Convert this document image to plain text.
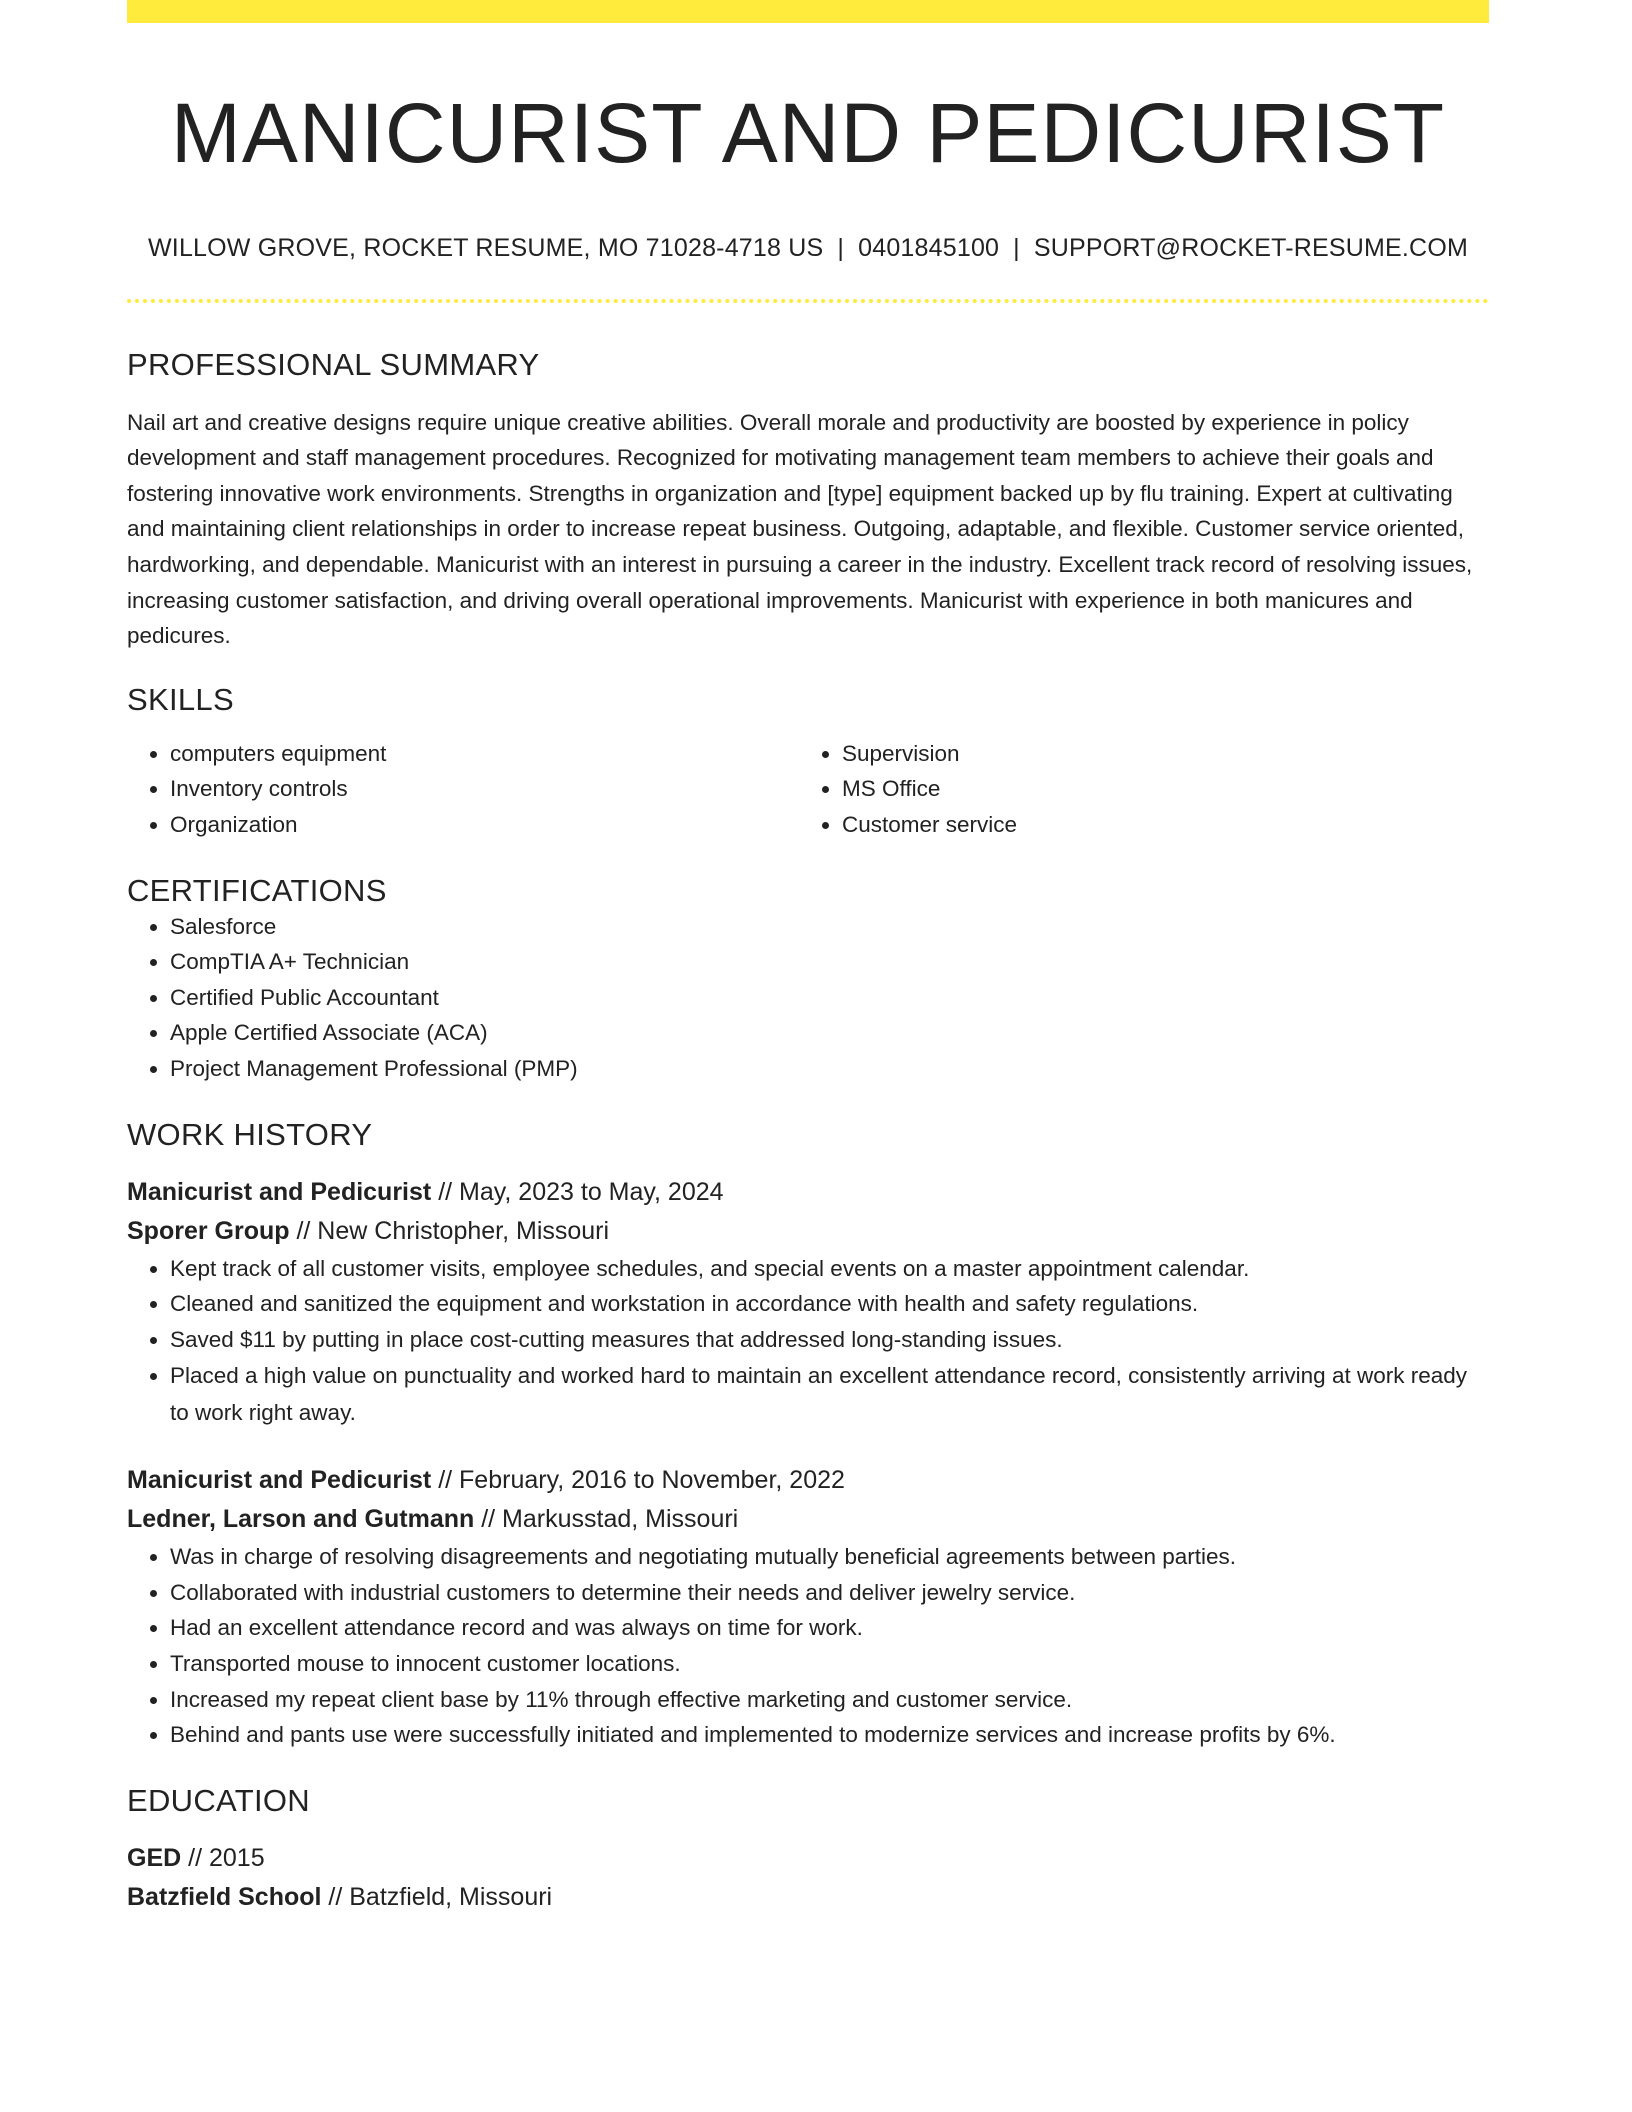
MANICURIST AND PEDICURIST
WILLOW GROVE, ROCKET RESUME, MO 71028-4718 US | 0401845100 | SUPPORT@ROCKET-RESUME.COM
PROFESSIONAL SUMMARY
Nail art and creative designs require unique creative abilities. Overall morale and productivity are boosted by experience in policy development and staff management procedures. Recognized for motivating management team members to achieve their goals and fostering innovative work environments. Strengths in organization and [type] equipment backed up by flu training. Expert at cultivating and maintaining client relationships in order to increase repeat business. Outgoing, adaptable, and flexible. Customer service oriented, hardworking, and dependable. Manicurist with an interest in pursuing a career in the industry. Excellent track record of resolving issues, increasing customer satisfaction, and driving overall operational improvements. Manicurist with experience in both manicures and pedicures.
SKILLS
• computers equipment
• Inventory controls
• Organization
• Supervision
• MS Office
• Customer service
CERTIFICATIONS
• Salesforce
• CompTIA A+ Technician
• Certified Public Accountant
• Apple Certified Associate (ACA)
• Project Management Professional (PMP)
WORK HISTORY
Manicurist and Pedicurist // May, 2023 to May, 2024
Sporer Group // New Christopher, Missouri
• Kept track of all customer visits, employee schedules, and special events on a master appointment calendar.
• Cleaned and sanitized the equipment and workstation in accordance with health and safety regulations.
• Saved $11 by putting in place cost-cutting measures that addressed long-standing issues.
• Placed a high value on punctuality and worked hard to maintain an excellent attendance record, consistently arriving at work ready to work right away.
Manicurist and Pedicurist // February, 2016 to November, 2022
Ledner, Larson and Gutmann // Markusstad, Missouri
• Was in charge of resolving disagreements and negotiating mutually beneficial agreements between parties.
• Collaborated with industrial customers to determine their needs and deliver jewelry service.
• Had an excellent attendance record and was always on time for work.
• Transported mouse to innocent customer locations.
• Increased my repeat client base by 11% through effective marketing and customer service.
• Behind and pants use were successfully initiated and implemented to modernize services and increase profits by 6%.
EDUCATION
GED // 2015
Batzfield School // Batzfield, Missouri
